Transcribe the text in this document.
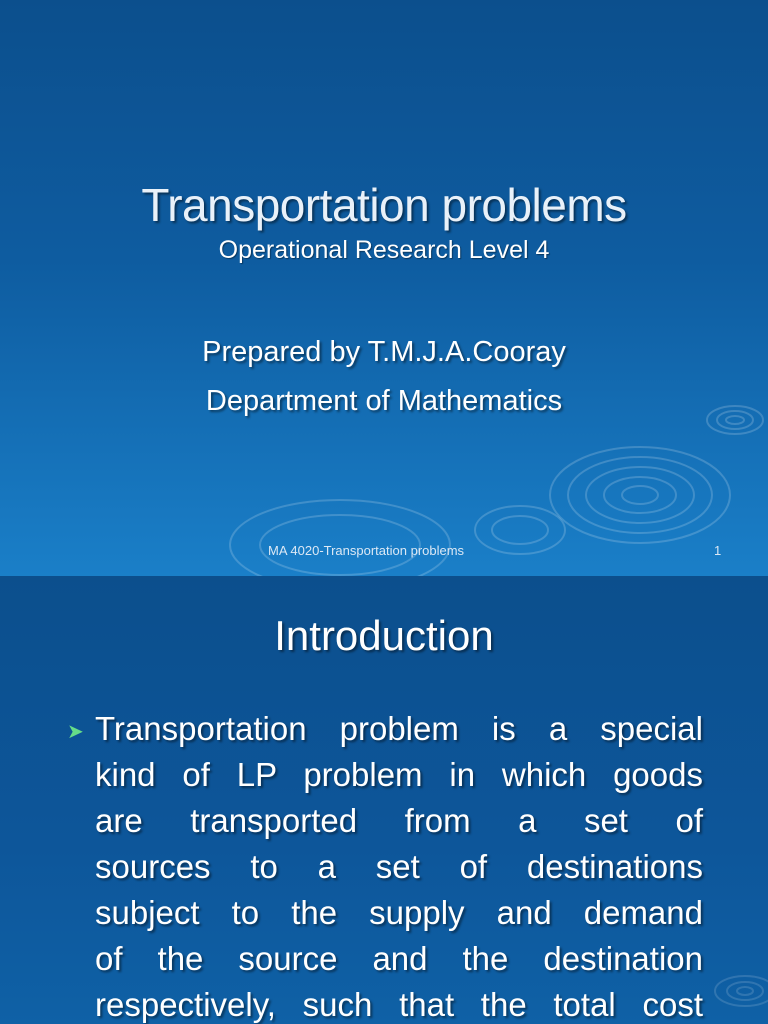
Transportation problems
Operational Research Level 4
Prepared by T.M.J.A.Cooray
Department of Mathematics
MA 4020-Transportation problems	1
Introduction
➤ Transportation problem is a special
kind of LP problem in which goods
are transported from a set of
sources to a set of destinations
subject to the supply and demand
of the source and the destination
respectively, such that the total cost
